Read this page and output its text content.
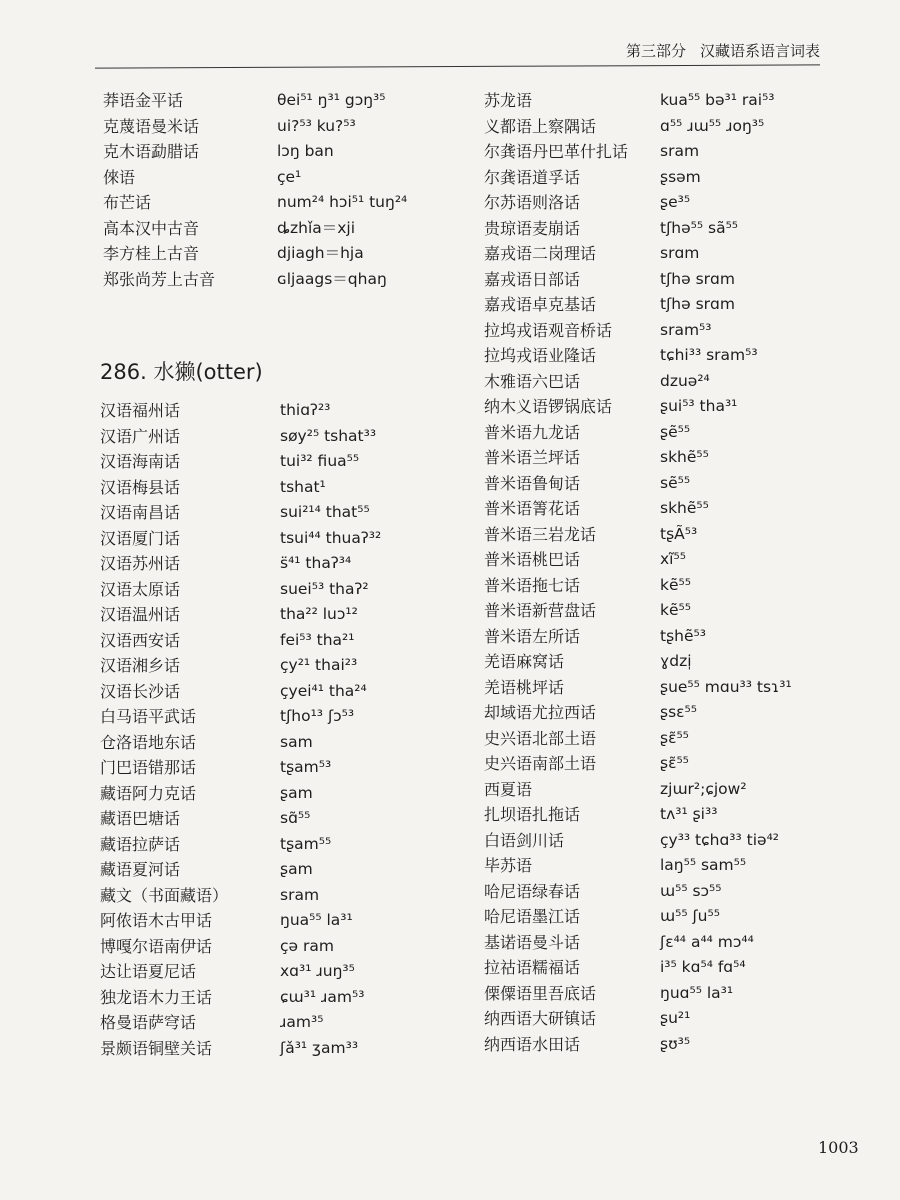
第三部分 汉藏语系语言词表
莽语金平话	θei⁵¹ ŋ³¹ gɔŋ³⁵
克蔑语曼米话	ui?⁵³ ku?⁵³
克木语勐腊话	lɔŋ ban
倈语	çe¹
布芒话	num²⁴ hɔi⁵¹ tuŋ²⁴
高本汉中古音	ȡzhǐa＝xji
李方桂上古音	djiagh＝hja
郑张尚芳上古音	ɢljaags＝qhaŋ
286. 水獭(otter)
汉语福州话	thiɑʔ²³
汉语广州话	søy²⁵ tshat³³
汉语海南话	tui³² fiua⁵⁵
汉语梅县话	tshat¹
汉语南昌话	sui²¹⁴ that⁵⁵
汉语厦门话	tsui⁴⁴ thuaʔ³²
汉语苏州话	s̈⁴¹ thaʔ³⁴
汉语太原话	suei⁵³ thaʔ²
汉语温州话	tha²² luɔ¹²
汉语西安话	fei⁵³ tha²¹
汉语湘乡话	çy²¹ thai²³
汉语长沙话	çyei⁴¹ tha²⁴
白马语平武话	tʃho¹³ ʃɔ⁵³
仓洛语地东话	sam
门巴语错那话	tʂam⁵³
藏语阿力克话	ʂam
藏语巴塘话	sɑ̃⁵⁵
藏语拉萨话	tʂam⁵⁵
藏语夏河话	ʂam
藏文（书面藏语）	sram
阿侬语木古甲话	ŋua⁵⁵ la³¹
博嘎尔语南伊话	çə ram
达让语夏尼话	xɑ³¹ ɹuŋ³⁵
独龙语木力王话	ɕɯ³¹ ɹam⁵³
格曼语萨穹话	ɹam³⁵
景颇语铜壁关话	ʃǎ³¹ ʒam³³
苏龙语	kua⁵⁵ bə³¹ rai⁵³
义都语上察隅话	ɑ⁵⁵ ɹɯ⁵⁵ ɹoŋ³⁵
尔龚语丹巴革什扎话 sram
尔龚语道孚话	ʂsəm
尔苏语则洛话	ʂe³⁵
贵琼语麦崩话	tʃhə⁵⁵ sã⁵⁵
嘉戎语二岗理话	srɑm
嘉戎语日部话	tʃhə srɑm
嘉戎语卓克基话	tʃhə srɑm
拉坞戎语观音桥话	sram⁵³
拉坞戎语业隆话	tɕhi³³ sram⁵³
木雅语六巴话	dzuə²⁴
纳木义语锣锅底话	ʂui⁵³ tha³¹
普米语九龙话	ʂẽ⁵⁵
普米语兰坪话	skhẽ⁵⁵
普米语鲁甸话	sẽ⁵⁵
普米语箐花话	skhẽ⁵⁵
普米语三岩龙话	tʂÃ⁵³
普米语桃巴话	xĩ⁵⁵
普米语拖七话	kẽ⁵⁵
普米语新营盘话	kẽ⁵⁵
普米语左所话	tʂhẽ⁵³
羌语麻窝话	ɣdzi̩
羌语桃坪话	ʂue⁵⁵ mɑu³³ tsɿ³¹
却域语尤拉西话	ʂsɛ⁵⁵
史兴语北部土语	ʂɛ̃⁵⁵
史兴语南部土语	ʂɛ̃⁵⁵
西夏语	zjɯr²;ɕjow²
扎坝语扎拖话	tʌ³¹ ʂi³³
白语剑川话	çy³³ tɕhɑ³³ tiə⁴²
毕苏语	laŋ⁵⁵ sam⁵⁵
哈尼语绿春话	ɯ⁵⁵ sɔ⁵⁵
哈尼语墨江话	ɯ⁵⁵ ʃu⁵⁵
基诺语曼斗话	ʃɛ⁴⁴ a⁴⁴ mɔ⁴⁴
拉祜语糯福话	i³⁵ kɑ⁵⁴ fɑ⁵⁴
傈僳语里吾底话	ŋuɑ⁵⁵ la³¹
纳西语大研镇话	ʂu²¹
纳西语水田话	ʂʊ³⁵
1003
